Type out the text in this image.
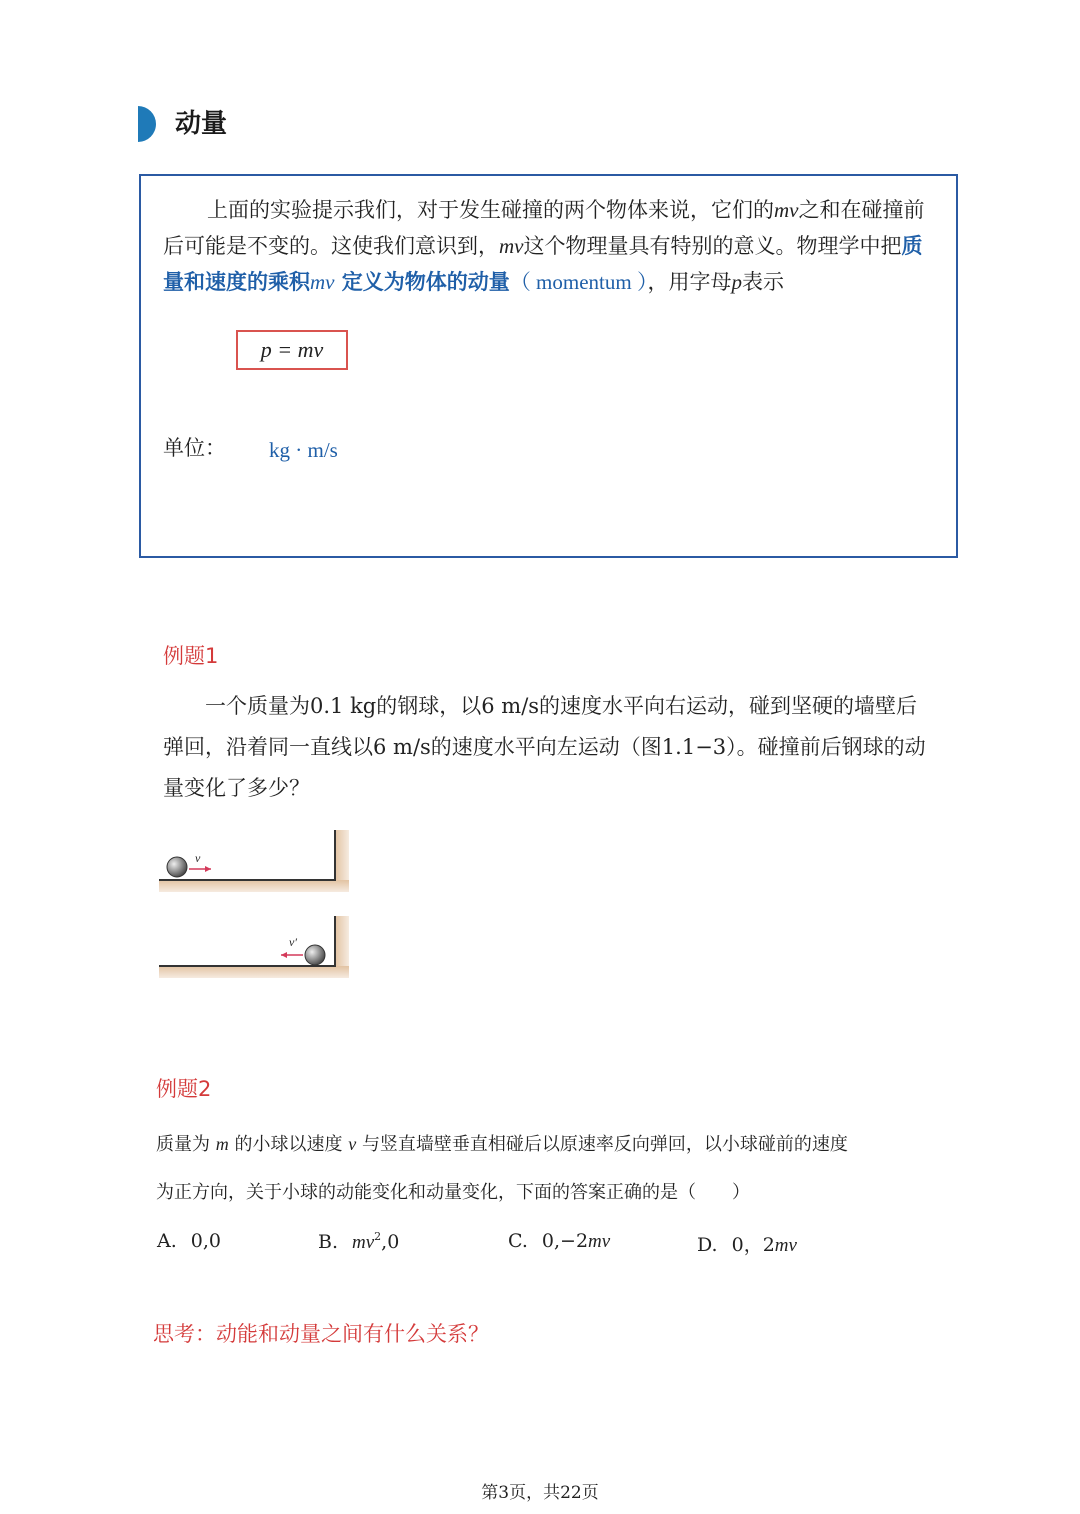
动量
上面的实验提示我们，对于发生碰撞的两个物体来说，它们的mv之和在碰撞前后可能是不变的。这使我们意识到，mv这个物理量具有特别的意义。物理学中把质量和速度的乘积mv 定义为物体的动量（ momentum ），用字母p表示
p = mv
单位： kg · m/s
例题1
一个质量为0.1 kg的钢球，以6 m/s的速度水平向右运动，碰到坚硬的墙壁后弹回，沿着同一直线以6 m/s的速度水平向左运动（图1.1−3）。碰撞前后钢球的动量变化了多少？
v
v′
例题2
质量为 m 的小球以速度 v 与竖直墙壁垂直相碰后以原速率反向弹回，以小球碰前的速度
为正方向，关于小球的动能变化和动量变化，下面的答案正确的是（　　）
A. 0,0	B. $mv^2,0$	C. 0,−2mv	D. 0，2mv
思考：动能和动量之间有什么关系？
第3页，共22页
